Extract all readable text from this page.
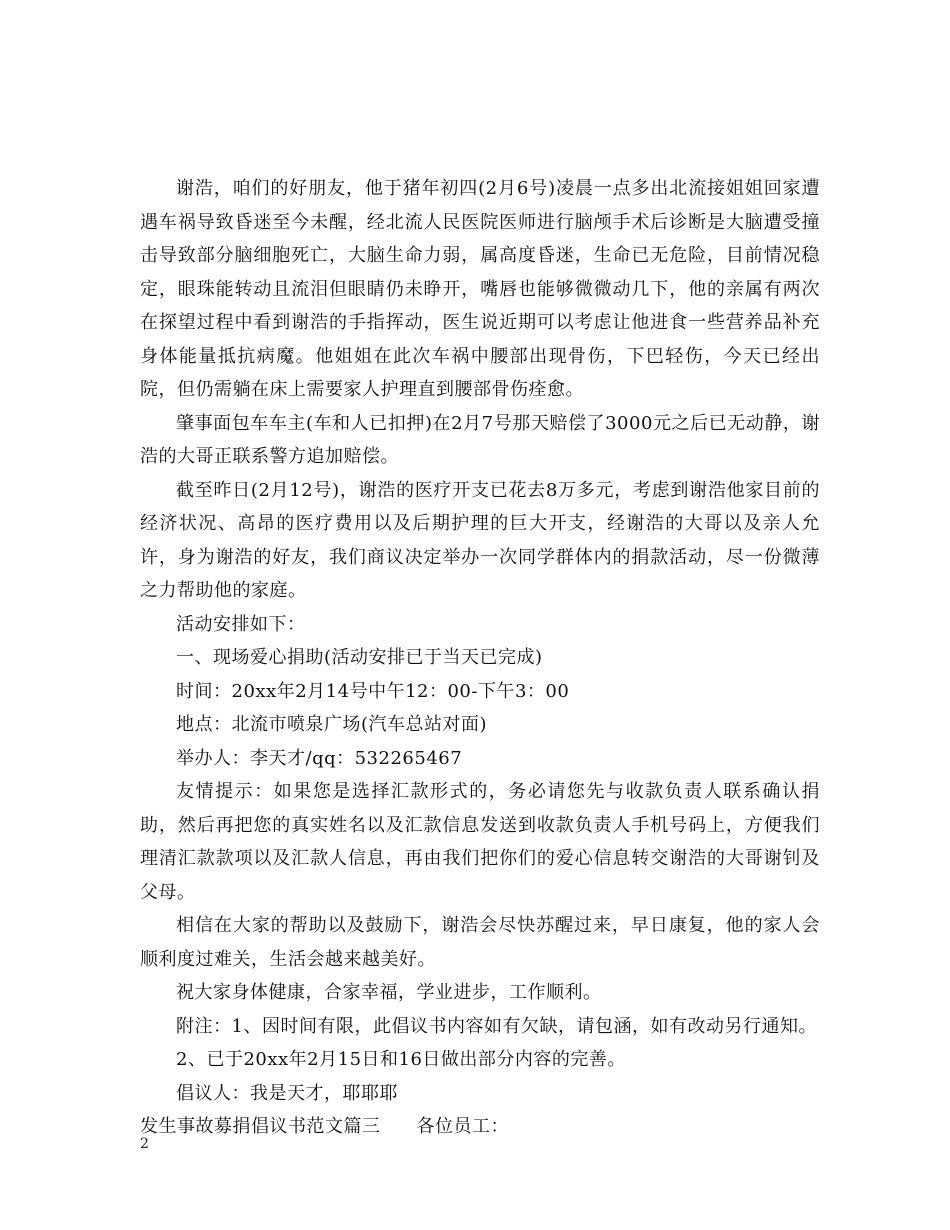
谢浩，咱们的好朋友，他于猪年初四(2月6号)凌晨一点多出北流接姐姐回家遭遇车祸导致昏迷至今未醒，经北流人民医院医师进行脑颅手术后诊断是大脑遭受撞击导致部分脑细胞死亡，大脑生命力弱，属高度昏迷，生命已无危险，目前情况稳定，眼珠能转动且流泪但眼睛仍未睁开，嘴唇也能够微微动几下，他的亲属有两次在探望过程中看到谢浩的手指挥动，医生说近期可以考虑让他进食一些营养品补充身体能量抵抗病魔。他姐姐在此次车祸中腰部出现骨伤，下巴轻伤，今天已经出院，但仍需躺在床上需要家人护理直到腰部骨伤痊愈。

肇事面包车车主(车和人已扣押)在2月7号那天赔偿了3000元之后已无动静，谢浩的大哥正联系警方追加赔偿。

截至昨日(2月12号)，谢浩的医疗开支已花去8万多元，考虑到谢浩他家目前的经济状况、高昂的医疗费用以及后期护理的巨大开支，经谢浩的大哥以及亲人允许，身为谢浩的好友，我们商议决定举办一次同学群体内的捐款活动，尽一份微薄之力帮助他的家庭。

活动安排如下：

一、现场爱心捐助(活动安排已于当天已完成)

时间：20xx年2月14号中午12：00-下午3：00

地点：北流市喷泉广场(汽车总站对面)

举办人：李天才/qq：532265467

友情提示：如果您是选择汇款形式的，务必请您先与收款负责人联系确认捐助，然后再把您的真实姓名以及汇款信息发送到收款负责人手机号码上，方便我们理清汇款款项以及汇款人信息，再由我们把你们的爱心信息转交谢浩的大哥谢钊及父母。

相信在大家的帮助以及鼓励下，谢浩会尽快苏醒过来，早日康复，他的家人会顺利度过难关，生活会越来越美好。

祝大家身体健康，合家幸福，学业进步，工作顺利。

附注：1、因时间有限，此倡议书内容如有欠缺，请包涵，如有改动另行通知。

2、已于20xx年2月15日和16日做出部分内容的完善。

倡议人：我是天才，耶耶耶

发生事故募捐倡议书范文篇三 各位员工：

2
